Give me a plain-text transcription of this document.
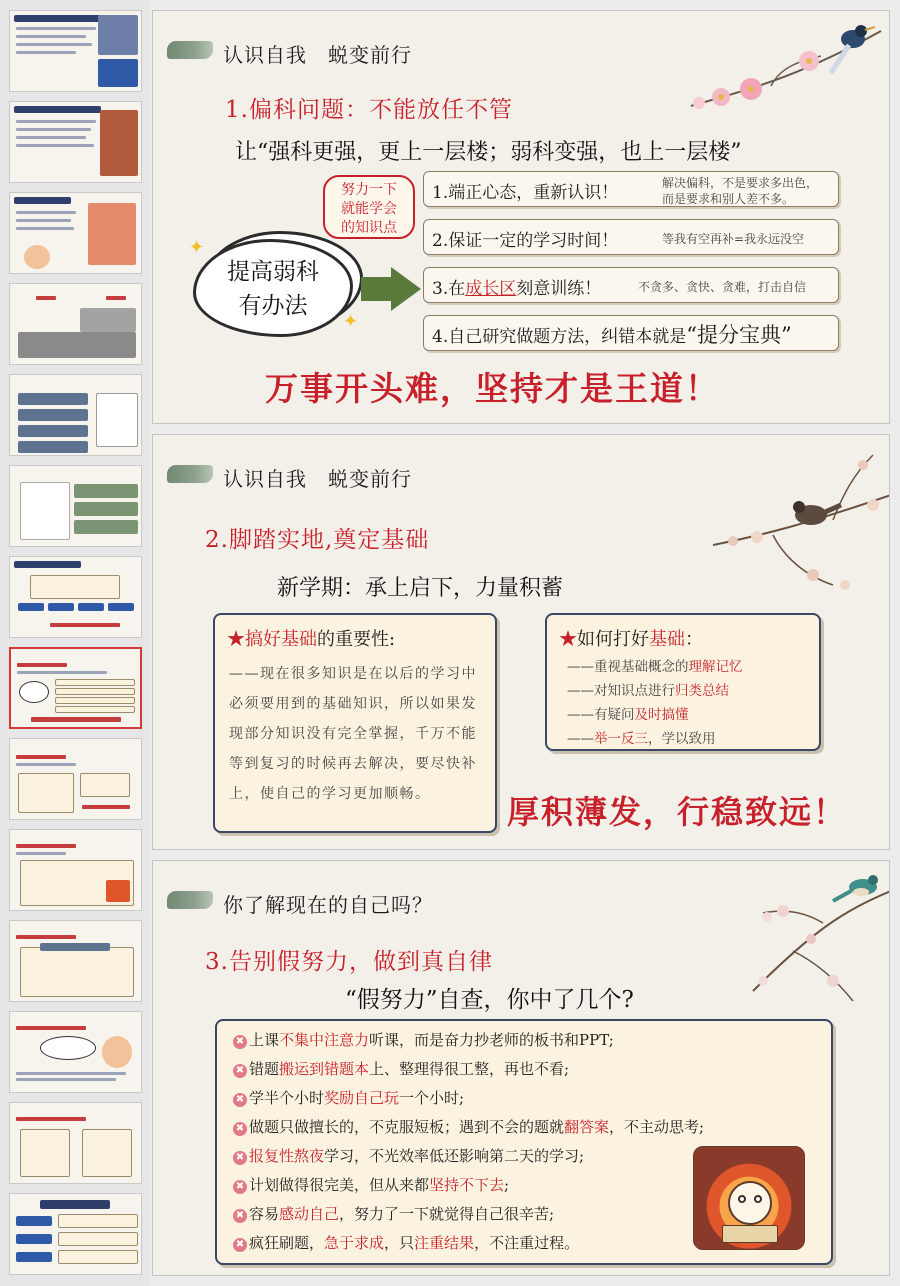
认识自我　蜕变前行
1.偏科问题：不能放任不管
让“强科更强，更上一层楼；弱科变强，也上一层楼”
努力一下
就能学会
的知识点
✦
✦
提高弱科
有办法
1.端正心态，重新认识！	解决偏科，不是要求多出色，
而是要求和别人差不多。
2.保证一定的学习时间！	等我有空再补=我永远没空
3.在成长区刻意训练！	不贪多、贪快、贪难，打击自信
4.自己研究做题方法，纠错本就是“提分宝典”
万事开头难，坚持才是王道！
认识自我　蜕变前行
2.脚踏实地,奠定基础
新学期：承上启下，力量积蓄
★搞好基础的重要性:
——现在很多知识是在以后的学习中必须要用到的基础知识，所以如果发现部分知识没有完全掌握，千万不能等到复习的时候再去解决，要尽快补上，使自己的学习更加顺畅。
★如何打好基础：
——重视基础概念的理解记忆
——对知识点进行归类总结
——有疑问及时搞懂
——举一反三，学以致用
厚积薄发，行稳致远！
你了解现在的自己吗？
3.告别假努力，做到真自律
“假努力”自查，你中了几个?
✖ 上课不集中注意力听课，而是奋力抄老师的板书和PPT;
✖ 错题搬运到错题本上、整理得很工整，再也不看;
✖ 学半个小时奖励自己玩一个小时;
✖ 做题只做擅长的，不克服短板；遇到不会的题就翻答案，不主动思考;
✖ 报复性熬夜学习，不光效率低还影响第二天的学习;
✖ 计划做得很完美，但从来都坚持不下去;
✖ 容易感动自己，努力了一下就觉得自己很辛苦;
✖ 疯狂刷题，急于求成，只注重结果，不注重过程。
